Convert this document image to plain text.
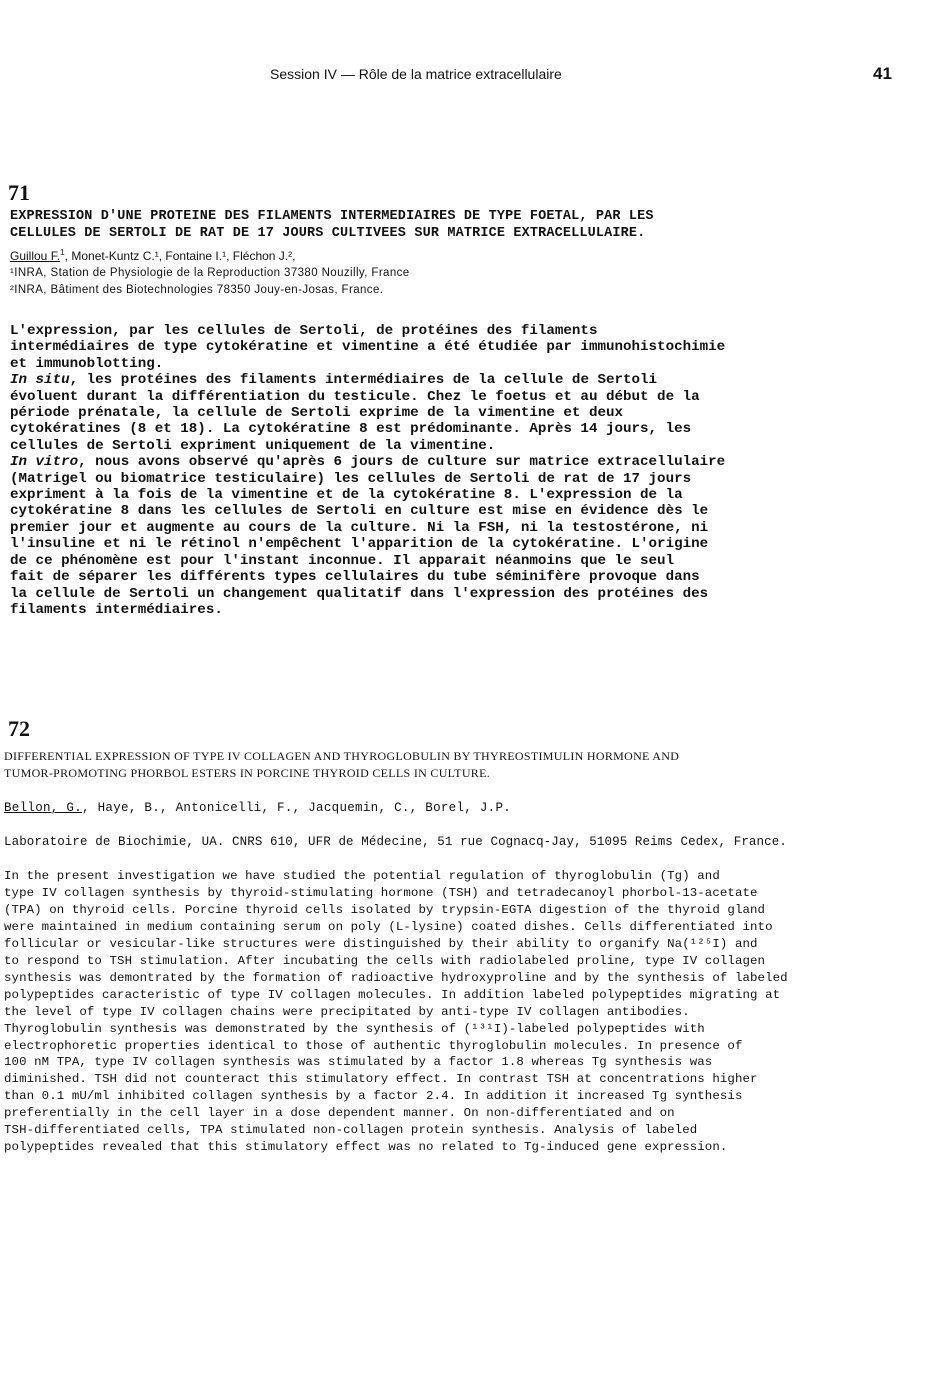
Session IV — Rôle de la matrice extracellulaire	41
71
EXPRESSION D'UNE PROTEINE DES FILAMENTS INTERMEDIAIRES DE TYPE FOETAL, PAR LES
CELLULES DE SERTOLI DE RAT DE 17 JOURS CULTIVEES SUR MATRICE EXTRACELLULAIRE.
Guillou F.$^1$, Monet-Kuntz C.¹, Fontaine I.¹, Fléchon J.²,
¹INRA, Station de Physiologie de la Reproduction 37380 Nouzilly, France
²INRA, Bâtiment des Biotechnologies 78350 Jouy-en-Josas, France.
L'expression, par les cellules de Sertoli, de protéines des filaments
intermédiaires de type cytokératine et vimentine a été étudiée par immunohistochimie
et immunoblotting.
In situ, les protéines des filaments intermédiaires de la cellule de Sertoli
évoluent durant la différentiation du testicule. Chez le foetus et au début de la
période prénatale, la cellule de Sertoli exprime de la vimentine et deux
cytokératines (8 et 18). La cytokératine 8 est prédominante. Après 14 jours, les
cellules de Sertoli expriment uniquement de la vimentine.
In vitro, nous avons observé qu'après 6 jours de culture sur matrice extracellulaire
(Matrigel ou biomatrice testiculaire) les cellules de Sertoli de rat de 17 jours
expriment à la fois de la vimentine et de la cytokératine 8. L'expression de la
cytokératine 8 dans les cellules de Sertoli en culture est mise en évidence dès le
premier jour et augmente au cours de la culture. Ni la FSH, ni la testostérone, ni
l'insuline et ni le rétinol n'empêchent l'apparition de la cytokératine. L'origine
de ce phénomène est pour l'instant inconnue. Il apparait néanmoins que le seul
fait de séparer les différents types cellulaires du tube séminifère provoque dans
la cellule de Sertoli un changement qualitatif dans l'expression des protéines des
filaments intermédiaires.
72
DIFFERENTIAL EXPRESSION OF TYPE IV COLLAGEN AND THYROGLOBULIN BY THYREOSTIMULIN HORMONE AND
TUMOR-PROMOTING PHORBOL ESTERS IN PORCINE THYROID CELLS IN CULTURE.
Bellon, G., Haye, B., Antonicelli, F., Jacquemin, C., Borel, J.P.
Laboratoire de Biochimie, UA. CNRS 610, UFR de Médecine, 51 rue Cognacq-Jay, 51095 Reims Cedex, France.
In the present investigation we have studied the potential regulation of thyroglobulin (Tg) and
type IV collagen synthesis by thyroid-stimulating hormone (TSH) and tetradecanoyl phorbol-13-acetate
(TPA) on thyroid cells. Porcine thyroid cells isolated by trypsin-EGTA digestion of the thyroid gland
were maintained in medium containing serum on poly (L-lysine) coated dishes. Cells differentiated into
follicular or vesicular-like structures were distinguished by their ability to organify Na(¹²⁵I) and
to respond to TSH stimulation. After incubating the cells with radiolabeled proline, type IV collagen
synthesis was demontrated by the formation of radioactive hydroxyproline and by the synthesis of labeled
polypeptides caracteristic of type IV collagen molecules. In addition labeled polypeptides migrating at
the level of type IV collagen chains were precipitated by anti-type IV collagen antibodies.
Thyroglobulin synthesis was demonstrated by the synthesis of (¹³¹I)-labeled polypeptides with
electrophoretic properties identical to those of authentic thyroglobulin molecules. In presence of
100 nM TPA, type IV collagen synthesis was stimulated by a factor 1.8 whereas Tg synthesis was
diminished. TSH did not counteract this stimulatory effect. In contrast TSH at concentrations higher
than 0.1 mU/ml inhibited collagen synthesis by a factor 2.4. In addition it increased Tg synthesis
preferentially in the cell layer in a dose dependent manner. On non-differentiated and on
TSH-differentiated cells, TPA stimulated non-collagen protein synthesis. Analysis of labeled
polypeptides revealed that this stimulatory effect was no related to Tg-induced gene expression.
